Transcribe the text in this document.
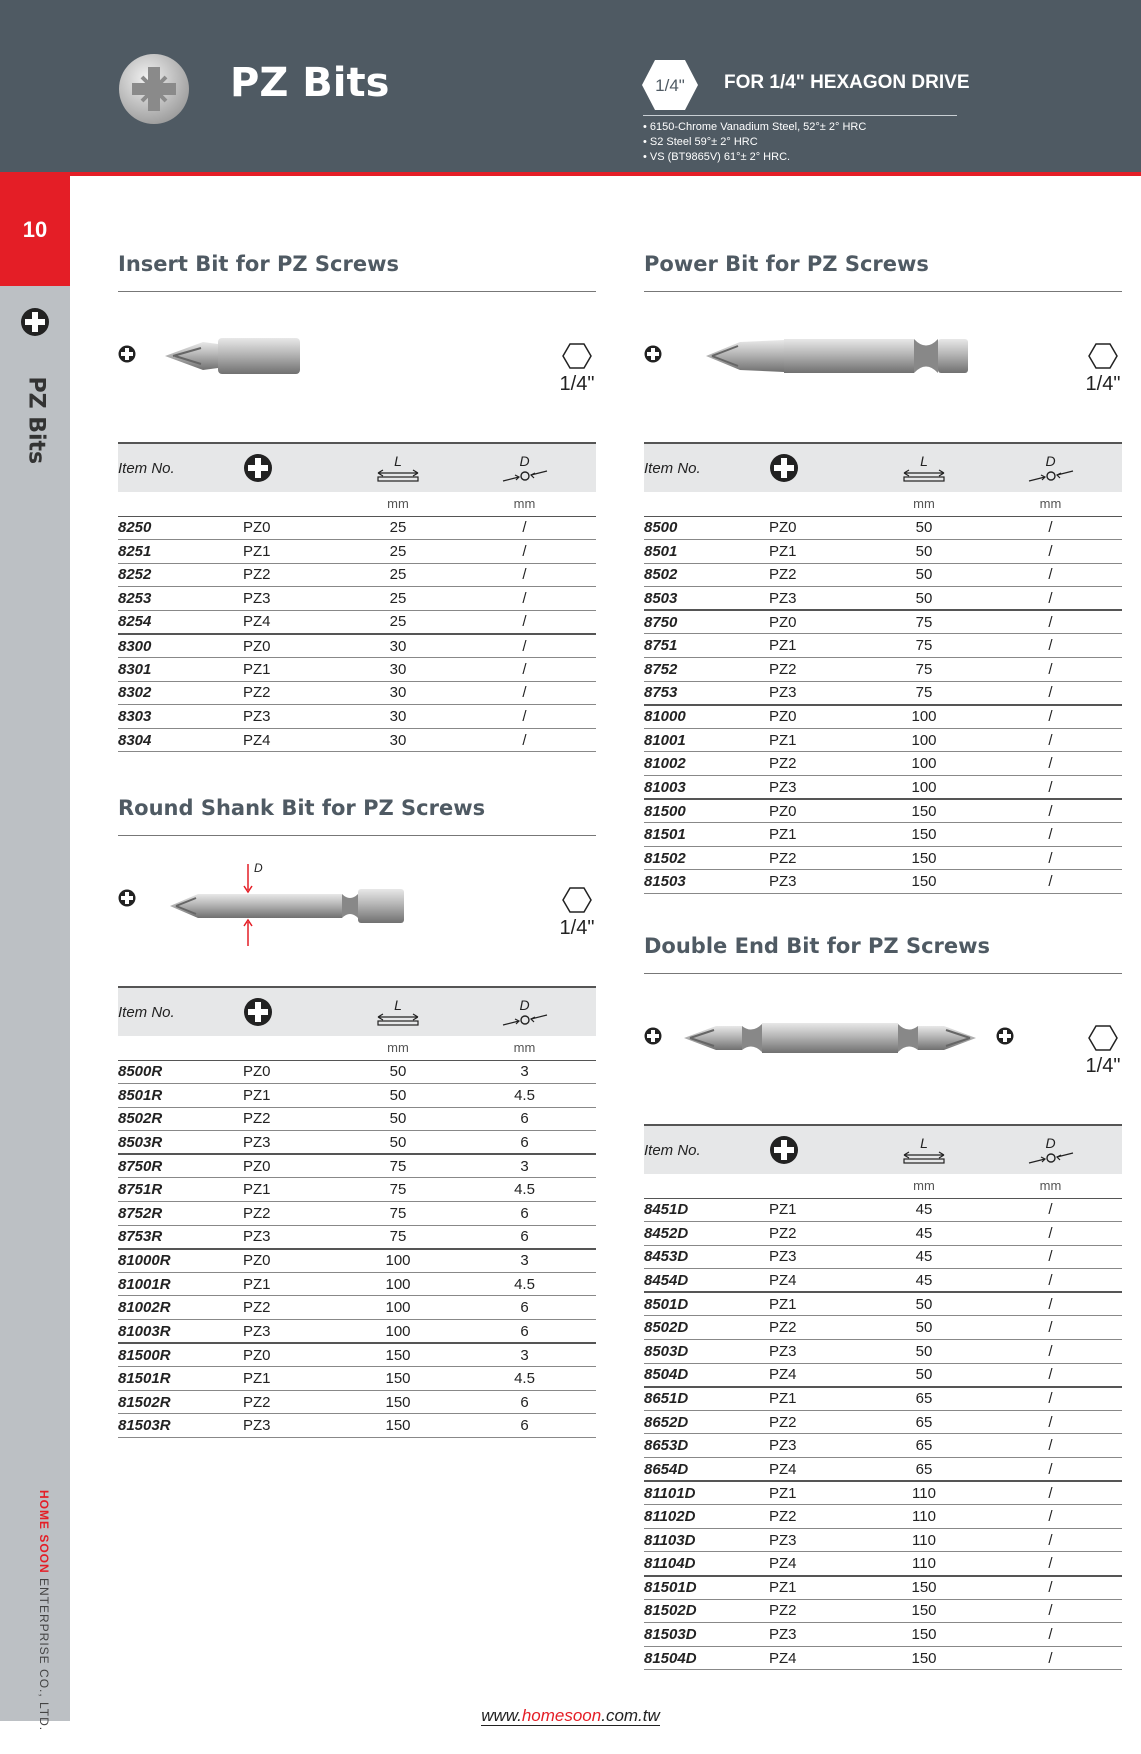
PZ Bits	1/4" FOR 1/4" HEXAGON DRIVE
• 6150-Chrome Vanadium Steel, 52°± 2° HRC
• S2 Steel 59°± 2° HRC
• VS (BT9865V) 61°± 2° HRC.
10
PZ Bits
HOME SOON ENTERPRISE CO., LTD.
Insert Bit for PZ Screws
1/4"
Item No.		L	D

		mm	mm
8250	PZ0	25	/
8251	PZ1	25	/
8252	PZ2	25	/
8253	PZ3	25	/
8254	PZ4	25	/
8300	PZ0	30	/
8301	PZ1	30	/
8302	PZ2	30	/
8303	PZ3	30	/
8304	PZ4	30	/
Round Shank Bit for PZ Screws
D
1/4"
Item No.		L	D

		mm	mm
8500R	PZ0	50	3
8501R	PZ1	50	4.5
8502R	PZ2	50	6
8503R	PZ3	50	6
8750R	PZ0	75	3
8751R	PZ1	75	4.5
8752R	PZ2	75	6
8753R	PZ3	75	6
81000R	PZ0	100	3
81001R	PZ1	100	4.5
81002R	PZ2	100	6
81003R	PZ3	100	6
81500R	PZ0	150	3
81501R	PZ1	150	4.5
81502R	PZ2	150	6
81503R	PZ3	150	6
Power Bit for PZ Screws
1/4"
Item No.		L	D

		mm	mm
8500	PZ0	50	/
8501	PZ1	50	/
8502	PZ2	50	/
8503	PZ3	50	/
8750	PZ0	75	/
8751	PZ1	75	/
8752	PZ2	75	/
8753	PZ3	75	/
81000	PZ0	100	/
81001	PZ1	100	/
81002	PZ2	100	/
81003	PZ3	100	/
81500	PZ0	150	/
81501	PZ1	150	/
81502	PZ2	150	/
81503	PZ3	150	/
Double End Bit for PZ Screws
1/4"
Item No.		L	D

		mm	mm
8451D	PZ1	45	/
8452D	PZ2	45	/
8453D	PZ3	45	/
8454D	PZ4	45	/
8501D	PZ1	50	/
8502D	PZ2	50	/
8503D	PZ3	50	/
8504D	PZ4	50	/
8651D	PZ1	65	/
8652D	PZ2	65	/
8653D	PZ3	65	/
8654D	PZ4	65	/
81101D	PZ1	110	/
81102D	PZ2	110	/
81103D	PZ3	110	/
81104D	PZ4	110	/
81501D	PZ1	150	/
81502D	PZ2	150	/
81503D	PZ3	150	/
81504D	PZ4	150	/
www.homesoon.com.tw
